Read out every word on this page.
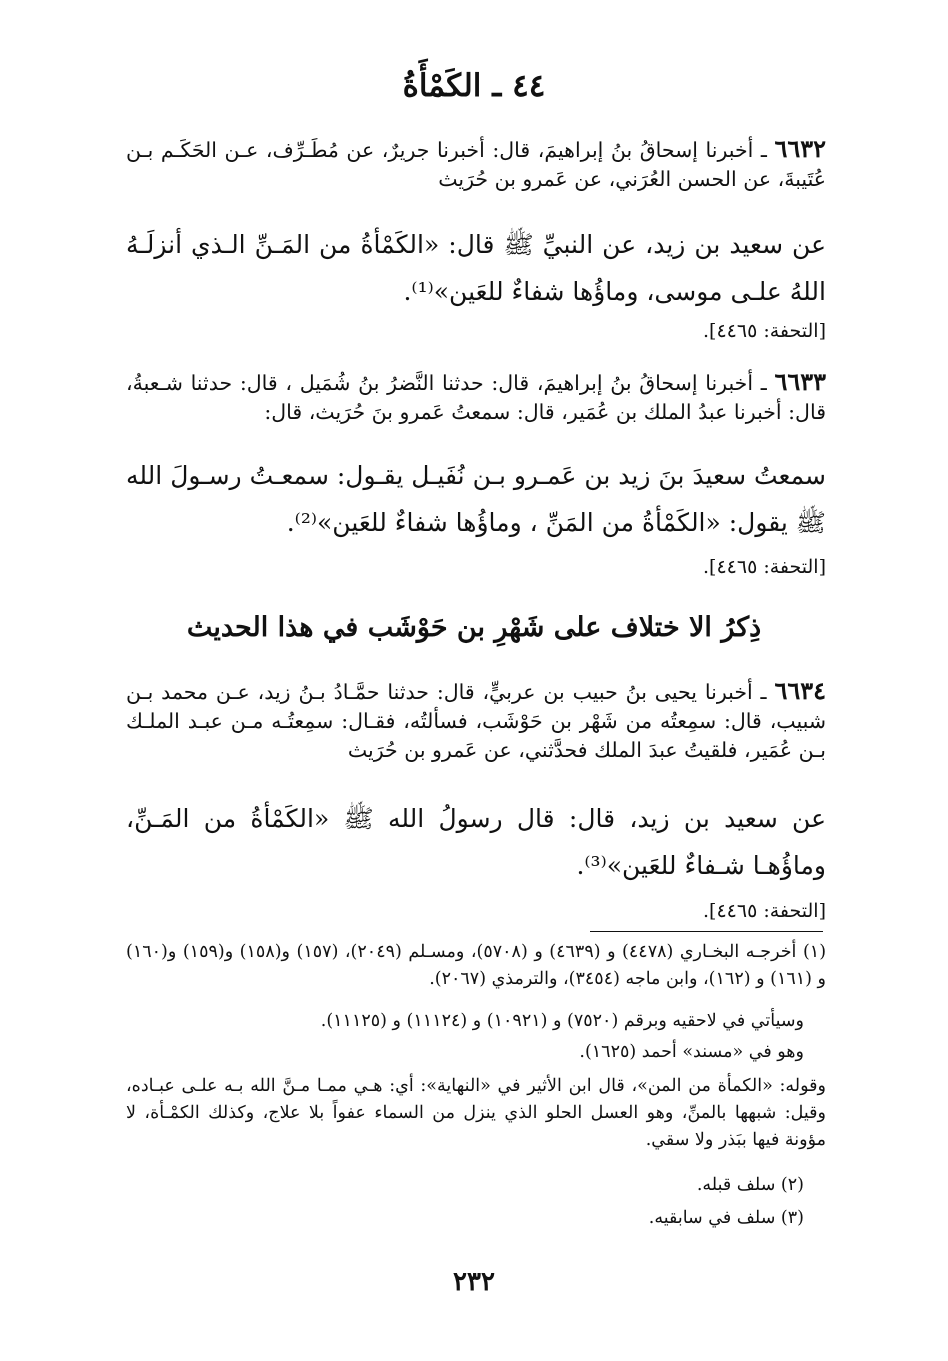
٤٤ ـ الكَمْأَةُ
٦٦٣٢ ـ أخبرنا إسحاقُ بنُ إبراهيمَ، قال: أخبرنا جريرٌ، عن مُطَـرِّف، عـن الحَكَـم بـن عُتَيبةَ، عن الحسن العُرَني، عن عَمرو بن حُرَيث
عن سعيد بن زيد، عن النبيِّ ﷺ قال: «الكَمْأةُ من المَـنِّ الـذي أنزلَـهُ اللهُ علـى موسى، وماؤُها شفاءٌ للعَين»⁽¹⁾.
[التحفة: ٤٤٦٥].
٦٦٣٣ ـ أخبرنا إسحاقُ بنُ إبراهيمَ، قال: حدثنا النَّضرُ بنُ شُمَيل ، قال: حدثنا شـعبةُ، قال: أخبرنا عبدُ الملك بن عُمَير، قال: سمعتُ عَمرو بنَ حُرَيث، قال:
سمعتُ سعيدَ بنَ زيد بن عَمـرو بـن نُفَيـل يقـول: سمعـتُ رسـولَ الله ﷺ يقول: «الكَمْأةُ من المَنِّ ، وماؤُها شفاءٌ للعَين»⁽²⁾.
[التحفة: ٤٤٦٥].
ذِكرُ الا ختلاف على شَهْرِ بن حَوْشَب في هذا الحديث
٦٦٣٤ ـ أخبرنا يحيى بنُ حبيب بن عربيٍّ، قال: حدثنا حمَّـادُ بـنُ زيد، عـن محمد بـن شبيب، قال: سمِعتُه من شَهْر بن حَوْشَب، فسألتُه، فقـال: سمِعتُـه مـن عبـد الملـك بـن عُمَير، فلقيتُ عبدَ الملك فحدَّثني، عن عَمرو بن حُرَيث
عن سعيد بن زيد، قال: قال رسولُ الله ﷺ «الكَمْأةُ من المَـنِّ، وماؤُهـا شـفاءٌ للعَين»⁽³⁾.
[التحفة: ٤٤٦٥].
(١) أخرجـه البخـاري (٤٤٧٨) و (٤٦٣٩) و (٥٧٠٨)، ومسـلم (٢٠٤٩)، (١٥٧) و(١٥٨) و(١٥٩) و(١٦٠) و (١٦١) و (١٦٢)، وابن ماجه (٣٤٥٤)، والترمذي (٢٠٦٧).
وسيأتي في لاحقيه وبرقم (٧٥٢٠) و (١٠٩٢١) و (١١١٢٤) و (١١١٢٥).
وهو في «مسند» أحمد (١٦٢٥).
وقوله: «الكمأة من المن»، قال ابن الأثير في «النهاية»: أي: هـي ممـا مـنَّ الله بـه علـى عبـاده، وقيل: شبهها بالمنِّ، وهو العسل الحلو الذي ينزل من السماء عفواً بلا علاج، وكذلك الكمْـأة، لا مؤونة فيها ببَذر ولا سقي.
(٢) سلف قبله.
(٣) سلف في سابقيه.
٢٣٢
